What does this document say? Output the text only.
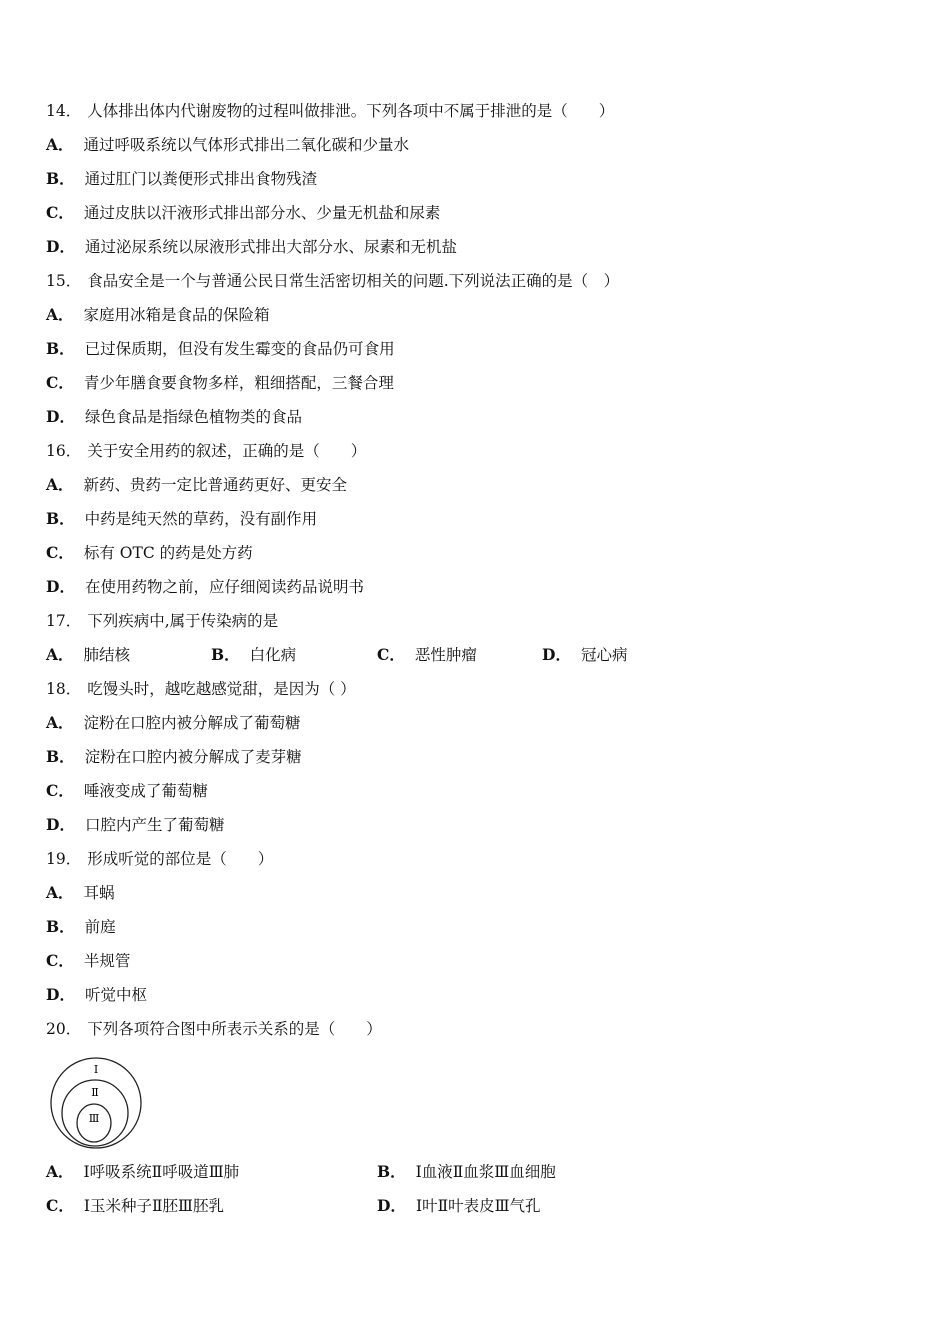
14． 人体排出体内代谢废物的过程叫做排泄。下列各项中不属于排泄的是（　　）
A． 通过呼吸系统以气体形式排出二氧化碳和少量水
B． 通过肛门以粪便形式排出食物残渣
C． 通过皮肤以汗液形式排出部分水、少量无机盐和尿素
D． 通过泌尿系统以尿液形式排出大部分水、尿素和无机盐
15． 食品安全是一个与普通公民日常生活密切相关的问题.下列说法正确的是（　）
A． 家庭用冰箱是食品的保险箱
B． 已过保质期，但没有发生霉变的食品仍可食用
C． 青少年膳食要食物多样，粗细搭配，三餐合理
D． 绿色食品是指绿色植物类的食品
16． 关于安全用药的叙述，正确的是（　　）
A． 新药、贵药一定比普通药更好、更安全
B． 中药是纯天然的草药，没有副作用
C． 标有 OTC 的药是处方药
D． 在使用药物之前，应仔细阅读药品说明书
17． 下列疾病中,属于传染病的是
A． 肺结核	B． 白化病	C． 恶性肿瘤	D． 冠心病
18． 吃馒头时，越吃越感觉甜，是因为（ ）
A． 淀粉在口腔内被分解成了葡萄糖
B． 淀粉在口腔内被分解成了麦芽糖
C． 唾液变成了葡萄糖
D． 口腔内产生了葡萄糖
19． 形成听觉的部位是（　　）
A． 耳蜗
B． 前庭
C． 半规管
D． 听觉中枢
20． 下列各项符合图中所表示关系的是（　　）
Ⅰ
Ⅱ
Ⅲ
A． Ⅰ呼吸系统Ⅱ呼吸道Ⅲ肺	B． Ⅰ血液Ⅱ血浆Ⅲ血细胞
C． Ⅰ玉米种子Ⅱ胚Ⅲ胚乳	D． Ⅰ叶Ⅱ叶表皮Ⅲ气孔
